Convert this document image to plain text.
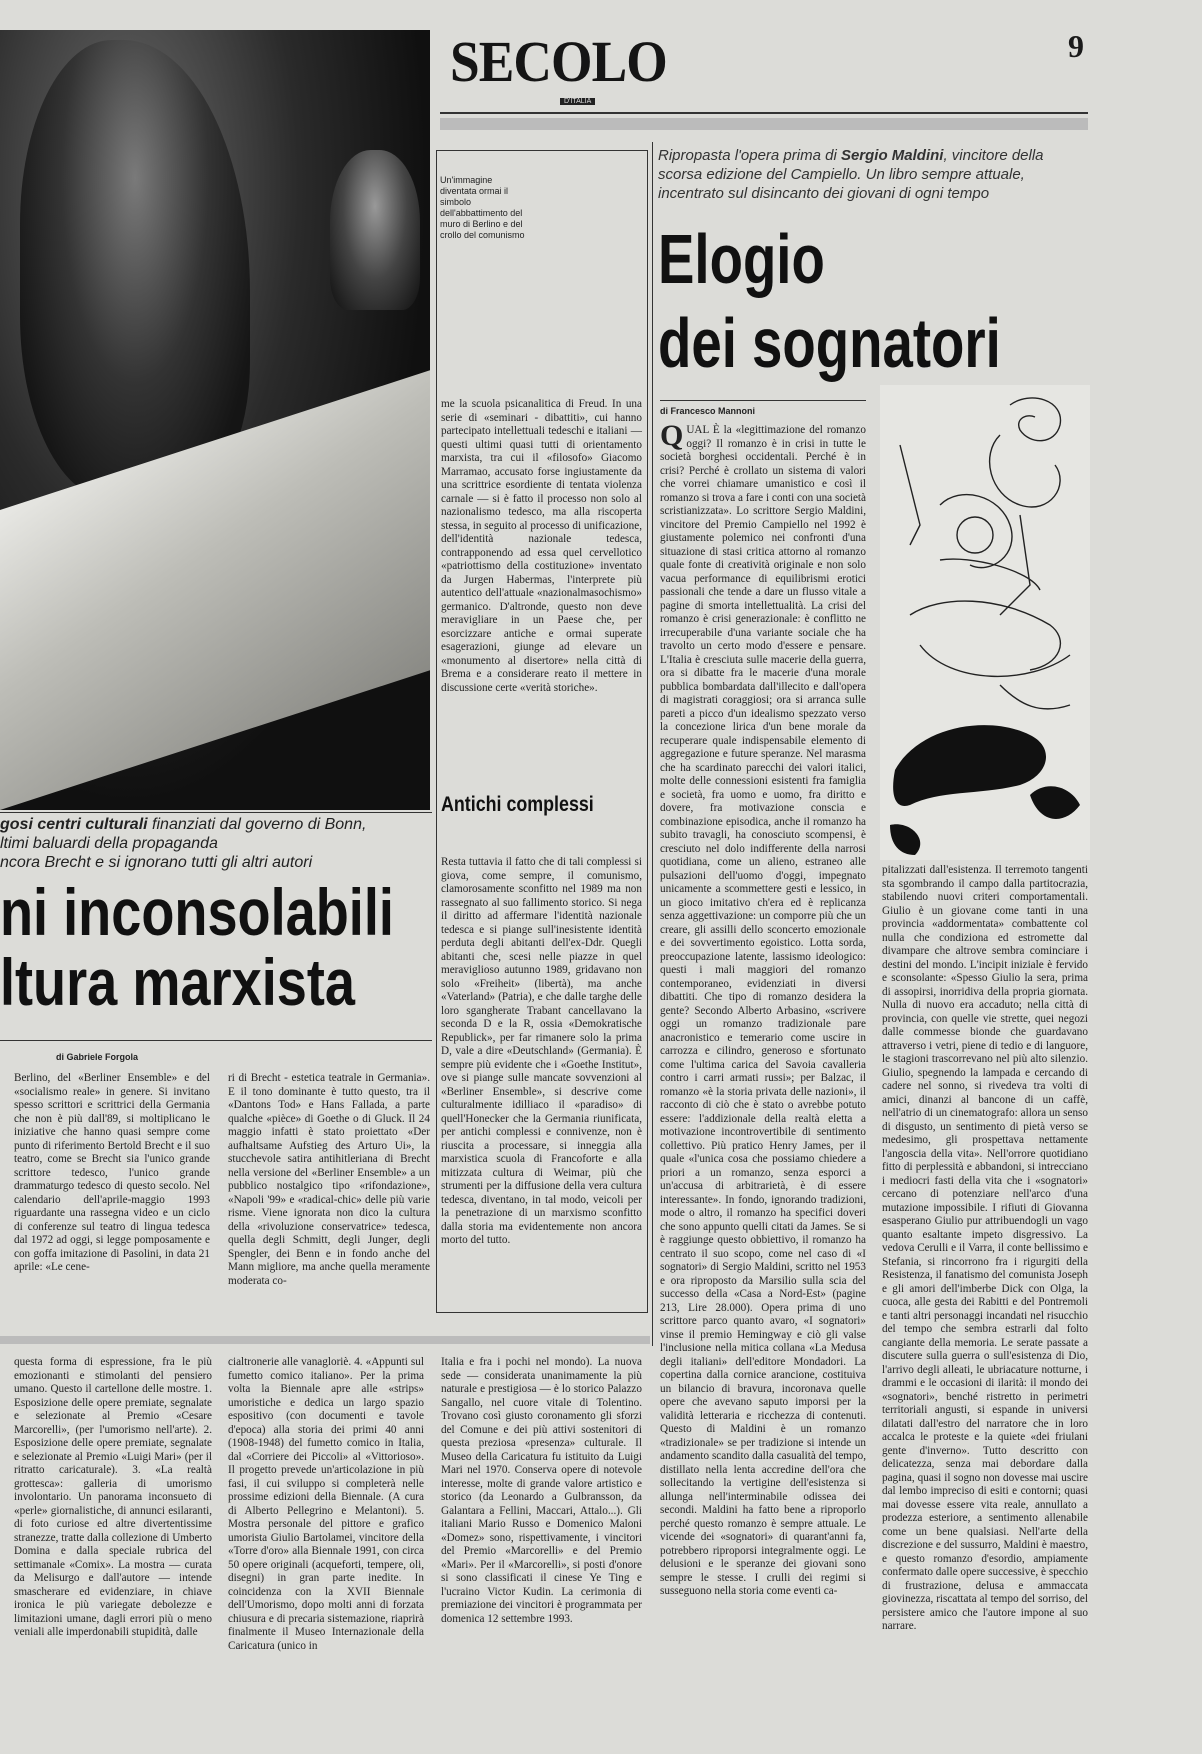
SECOLO
D'ITALIA
9
Un'immagine diventata ormai il simbolo dell'abbattimento del muro di Berlino e del crollo del comunismo
gosi centri culturali finanziati dal governo di Bonn,
ltimi baluardi della propaganda
ncora Brecht e si ignorano tutti gli altri autori
ni inconsolabili
ltura marxista
di Gabriele Forgola
Berlino, del «Berliner Ensemble» e del «socialismo reale» in genere. Si invitano spesso scrittori e scrittrici della Germania che non è più dall'89, si moltiplicano le iniziative che hanno quasi sempre come punto di riferimento Bertold Brecht e il suo teatro, come se Brecht sia l'unico grande scrittore tedesco, l'unico grande drammaturgo tedesco di questo secolo. Nel calendario dell'aprile-maggio 1993 riguardante una rassegna video e un ciclo di conferenze sul teatro di lingua tedesca dal 1972 ad oggi, si legge pomposamente e con goffa imitazione di Pasolini, in data 21 aprile: «Le cene-
ri di Brecht - estetica teatrale in Germania». E il tono dominante è tutto questo, tra il «Dantons Tod» e Hans Fallada, a parte qualche «pièce» di Goethe o di Gluck. Il 24 maggio infatti è stato proiettato «Der aufhaltsame Aufstieg des Arturo Ui», la stucchevole satira antihitleriana di Brecht nella versione del «Berliner Ensemble» a un pubblico nostalgico tipo «rifondazione», «Napoli '99» e «radical-chic» delle più varie risme. Viene ignorata non dico la cultura della «rivoluzione conservatrice» tedesca, quella degli Schmitt, degli Junger, degli Spengler, dei Benn e in fondo anche del Mann migliore, ma anche quella meramente moderata co-
me la scuola psicanalitica di Freud. In una serie di «seminari - dibattiti», cui hanno partecipato intellettuali tedeschi e italiani — questi ultimi quasi tutti di orientamento marxista, tra cui il «filosofo» Giacomo Marramao, accusato forse ingiustamente da una scrittrice esordiente di tentata violenza carnale — si è fatto il processo non solo al nazionalismo tedesco, ma alla riscoperta stessa, in seguito al processo di unificazione, dell'identità nazionale tedesca, contrapponendo ad essa quel cervellotico «patriottismo della costituzione» inventato da Jurgen Habermas, l'interprete più autentico dell'attuale «nazionalmasochismo» germanico. D'altronde, questo non deve meravigliare in un Paese che, per esorcizzare antiche e ormai superate esagerazioni, giunge ad elevare un «monumento al disertore» nella città di Brema e a considerare reato il mettere in discussione certe «verità storiche».
Antichi complessi
Resta tuttavia il fatto che di tali complessi si giova, come sempre, il comunismo, clamorosamente sconfitto nel 1989 ma non rassegnato al suo fallimento storico. Si nega il diritto ad affermare l'identità nazionale tedesca e si piange sull'inesistente identità perduta degli abitanti dell'ex-Ddr. Quegli abitanti che, scesi nelle piazze in quel meraviglioso autunno 1989, gridavano non solo «Freiheit» (libertà), ma anche «Vaterland» (Patria), e che dalle targhe delle loro sgangherate Trabant cancellavano la seconda D e la R, ossia «Demokratische Republick», per far rimanere solo la prima D, vale a dire «Deutschland» (Germania). È sempre più evidente che i «Goethe Institut», ove si piange sulle mancate sovvenzioni al «Berliner Ensemble», si descrive come culturalmente idilliaco il «paradiso» di quell'Honecker che la Germania riunificata, per antichi complessi e connivenze, non è riuscita a processare, si inneggia alla marxistica scuola di Francoforte e alla mitizzata cultura di Weimar, più che strumenti per la diffusione della vera cultura tedesca, diventano, in tal modo, veicoli per la penetrazione di un marxismo sconfitto dalla storia ma evidentemente non ancora morto del tutto.
questa forma di espressione, fra le più emozionanti e stimolanti del pensiero umano. Questo il cartellone delle mostre. 1. Esposizione delle opere premiate, segnalate e selezionate al Premio «Cesare Marcorelli», (per l'umorismo nell'arte). 2. Esposizione delle opere premiate, segnalate e selezionate al Premio «Luigi Mari» (per il ritratto caricaturale). 3. «La realtà grottesca»: galleria di umorismo involontario. Un panorama inconsueto di «perle» giornalistiche, di annunci esilaranti, di foto curiose ed altre divertentissime stranezze, tratte dalla collezione di Umberto Domina e dalla speciale rubrica del settimanale «Comix». La mostra — curata da Melisurgo e dall'autore — intende smascherare ed evidenziare, in chiave ironica le più variegate debolezze e limitazioni umane, dagli errori più o meno veniali alle imperdonabili stupidità, dalle
cialtronerie alle vanagloriè. 4. «Appunti sul fumetto comico italiano». Per la prima volta la Biennale apre alle «strips» umoristiche e dedica un largo spazio espositivo (con documenti e tavole d'epoca) alla storia dei primi 40 anni (1908-1948) del fumetto comico in Italia, dal «Corriere dei Piccoli» al «Vittorioso». Il progetto prevede un'articolazione in più fasi, il cui sviluppo si completerà nelle prossime edizioni della Biennale. (A cura di Alberto Pellegrino e Melantoni). 5. Mostra personale del pittore e grafico umorista Giulio Bartolamei, vincitore della «Torre d'oro» alla Biennale 1991, con circa 50 opere originali (acqueforti, tempere, oli, disegni) in gran parte inedite. In coincidenza con la XVII Biennale dell'Umorismo, dopo molti anni di forzata chiusura e di precaria sistemazione, riaprirà finalmente il Museo Internazionale della Caricatura (unico in
Italia e fra i pochi nel mondo). La nuova sede — considerata unanimamente la più naturale e prestigiosa — è lo storico Palazzo Sangallo, nel cuore vitale di Tolentino. Trovano così giusto coronamento gli sforzi del Comune e dei più attivi sostenitori di questa preziosa «presenza» culturale. Il Museo della Caricatura fu istituito da Luigi Mari nel 1970. Conserva opere di notevole interesse, molte di grande valore artistico e storico (da Leonardo a Gulbransson, da Galantara a Fellini, Maccari, Attalo...). Gli italiani Mario Russo e Domenico Maloni «Domez» sono, rispettivamente, i vincitori del Premio «Marcorelli» e del Premio «Mari». Per il «Marcorelli», si posti d'onore si sono classificati il cinese Ye Ting e l'ucraino Victor Kudin. La cerimonia di premiazione dei vincitori è programmata per domenica 12 settembre 1993.
Ripropasta l'opera prima di Sergio Maldini, vincitore della scorsa edizione del Campiello. Un libro sempre attuale, incentrato sul disincanto dei giovani di ogni tempo
Elogio
dei sognatori
di Francesco Mannoni
QUAL È la «legittimazione del romanzo oggi? Il romanzo è in crisi in tutte le società borghesi occidentali. Perché è in crisi? Perché è crollato un sistema di valori che vorrei chiamare umanistico e così il romanzo si trova a fare i conti con una società scristianizzata». Lo scrittore Sergio Maldini, vincitore del Premio Campiello nel 1992 è giustamente polemico nei confronti d'una situazione di stasi critica attorno al romanzo quale fonte di creatività originale e non solo vacua performance di equilibrismi erotici passionali che tende a dare un flusso vitale a pagine di smorta intellettualità. La crisi del romanzo è crisi generazionale: è conflitto ne irrecuperabile d'una variante sociale che ha travolto un certo modo d'essere e pensare. L'Italia è cresciuta sulle macerie della guerra, ora si dibatte fra le macerie d'una morale pubblica bombardata dall'illecito e dall'opera di magistrati coraggiosi; ora si arranca sulle pareti a picco d'un idealismo spezzato verso la concezione lirica d'un bene morale da recuperare quale indispensabile elemento di aggregazione e future speranze. Nel marasma che ha scardinato parecchi dei valori italici, molte delle connessioni esistenti fra famiglia e società, fra uomo e uomo, fra diritto e dovere, fra motivazione conscia e combinazione episodica, anche il romanzo ha subito travagli, ha conosciuto scompensi, è cresciuto nel dolo indifferente della narrosi quotidiana, come un alieno, estraneo alle pulsazioni dell'uomo d'oggi, impegnato unicamente a scommettere gesti e lessico, in un gioco imitativo ch'era ed è replicanza senza aggettivazione: un comporre più che un creare, gli assilli dello sconcerto emozionale e dei sovvertimento egoistico. Lotta sorda, preoccupazione latente, lassismo ideologico: questi i mali maggiori del romanzo contemporaneo, evidenziati in diversi dibattiti. Che tipo di romanzo desidera la gente? Secondo Alberto Arbasino, «scrivere oggi un romanzo tradizionale pare anacronistico e temerario come uscire in carrozza e cilindro, generoso e sfortunato come l'ultima carica del Savoia cavalleria contro i carri armati russi»; per Balzac, il romanzo «è la storia privata delle nazioni», il racconto di ciò che è stato o avrebbe potuto essere: l'addizionale della realtà eletta a motivazione incontrovertibile di sentimento collettivo. Più pratico Henry James, per il quale «l'unica cosa che possiamo chiedere a priori a un romanzo, senza esporci a un'accusa di arbitrarietà, è di essere interessante». In fondo, ignorando tradizioni, mode o altro, il romanzo ha specifici doveri che sono appunto quelli citati da James. Se si è raggiunge questo obbiettivo, il romanzo ha centrato il suo scopo, come nel caso di «I sognatori» di Sergio Maldini, scritto nel 1953 e ora riproposto da Marsilio sulla scia del successo della «Casa a Nord-Est» (pagine 213, Lire 28.000). Opera prima di uno scrittore parco quanto avaro, «I sognatori» vinse il premio Hemingway e ciò gli valse l'inclusione nella mitica collana «La Medusa degli italiani» dell'editore Mondadori. La copertina dalla cornice arancione, costituiva un bilancio di bravura, incoronava quelle opere che avevano saputo imporsi per la validità letteraria e ricchezza di contenuti. Questo di Maldini è un romanzo «tradizionale» se per tradizione si intende un andamento scandito dalla casualità del tempo, distillato nella lenta accredine dell'ora che sollecitando la vertigine dell'esistenza si allunga nell'interminabile odissea dei secondi. Maldini ha fatto bene a riproporlo perché questo romanzo è sempre attuale. Le vicende dei «sognatori» di quarant'anni fa, potrebbero riproporsi integralmente oggi. Le delusioni e le speranze dei giovani sono sempre le stesse. I crulli dei regimi si susseguono nella storia come eventi ca-
pitalizzati dall'esistenza. Il terremoto tangenti sta sgombrando il campo dalla partitocrazia, stabilendo nuovi criteri comportamentali. Giulio è un giovane come tanti in una provincia «addormentata» combattente col nulla che condiziona ed estromette dal divampare che altrove sembra cominciare i destini del mondo. L'incipit iniziale è fervido e sconsolante: «Spesso Giulio la sera, prima di assopirsi, inorridiva della propria giornata. Nulla di nuovo era accaduto; nella città di provincia, con quelle vie strette, quei negozi dalle commesse bionde che guardavano attraverso i vetri, piene di tedio e di languore, le stagioni trascorrevano nel più alto silenzio. Giulio, spegnendo la lampada e cercando di cadere nel sonno, si rivedeva tra volti di amici, dinanzi al bancone di un caffè, nell'atrio di un cinematografo: allora un senso di disgusto, un sentimento di pietà verso se medesimo, gli prospettava nettamente l'angoscia della vita». Nell'orrore quotidiano fitto di perplessità e abbandoni, si intrecciano i mediocri fasti della vita che i «sognatori» cercano di potenziare nell'arco d'una mutazione impossibile. I rifiuti di Giovanna esasperano Giulio pur attribuendogli un vago quanto esaltante impeto disgressivo. La vedova Cerulli e il Varra, il conte bellissimo e Stefania, si rincorrono fra i rigurgiti della Resistenza, il fanatismo del comunista Joseph e gli amori dell'imberbe Dick con Olga, la cuoca, alle gesta dei Rabitti e del Pontremoli e tanti altri personaggi incandati nel risucchio del tempo che sembra estrarli dal folto cangiante della memoria. Le serate passate a discutere sulla guerra o sull'esistenza di Dio, l'arrivo degli alleati, le ubriacature notturne, i drammi e le occasioni di ilarità: il mondo dei «sognatori», benché ristretto in perimetri territoriali angusti, si espande in universi dilatati dall'estro del narratore che in loro accalca le proteste e la quiete «dei friulani gente d'inverno». Tutto descritto con delicatezza, senza mai debordare dalla pagina, quasi il sogno non dovesse mai uscire dal lembo impreciso di esiti e contorni; quasi mai dovesse essere vita reale, annullato a prodezza esteriore, a sentimento allenabile come un bene qualsiasi. Nell'arte della discrezione e del sussurro, Maldini è maestro, e questo romanzo d'esordio, ampiamente confermato dalle opere successive, è specchio di frustrazione, delusa e ammaccata giovinezza, riscattata al tempo del sorriso, del persistere amico che l'autore impone al suo narrare.
